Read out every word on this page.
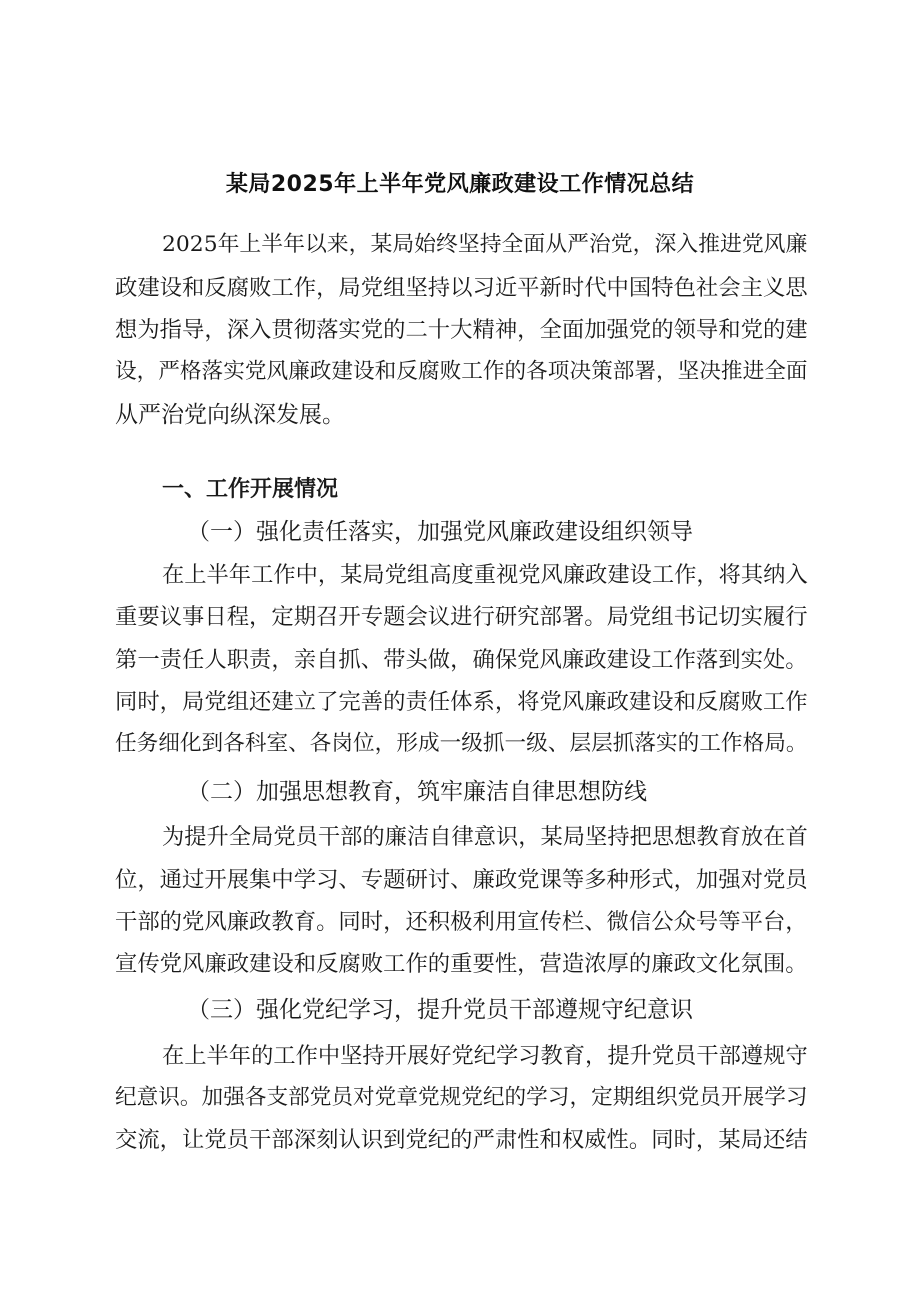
某局2025年上半年党风廉政建设工作情况总结
2025年上半年以来，某局始终坚持全面从严治党，深入推进党风廉
政建设和反腐败工作，局党组坚持以习近平新时代中国特色社会主义思
想为指导，深入贯彻落实党的二十大精神，全面加强党的领导和党的建
设，严格落实党风廉政建设和反腐败工作的各项决策部署，坚决推进全面
从严治党向纵深发展。
一、工作开展情况
（一）强化责任落实，加强党风廉政建设组织领导
在上半年工作中，某局党组高度重视党风廉政建设工作，将其纳入
重要议事日程，定期召开专题会议进行研究部署。局党组书记切实履行
第一责任人职责，亲自抓、带头做，确保党风廉政建设工作落到实处。
同时，局党组还建立了完善的责任体系，将党风廉政建设和反腐败工作
任务细化到各科室、各岗位，形成一级抓一级、层层抓落实的工作格局。
（二）加强思想教育，筑牢廉洁自律思想防线
为提升全局党员干部的廉洁自律意识，某局坚持把思想教育放在首
位，通过开展集中学习、专题研讨、廉政党课等多种形式，加强对党员
干部的党风廉政教育。同时，还积极利用宣传栏、微信公众号等平台，
宣传党风廉政建设和反腐败工作的重要性，营造浓厚的廉政文化氛围。
（三）强化党纪学习，提升党员干部遵规守纪意识
在上半年的工作中坚持开展好党纪学习教育，提升党员干部遵规守
纪意识。加强各支部党员对党章党规党纪的学习，定期组织党员开展学习
交流，让党员干部深刻认识到党纪的严肃性和权威性。同时，某局还结
